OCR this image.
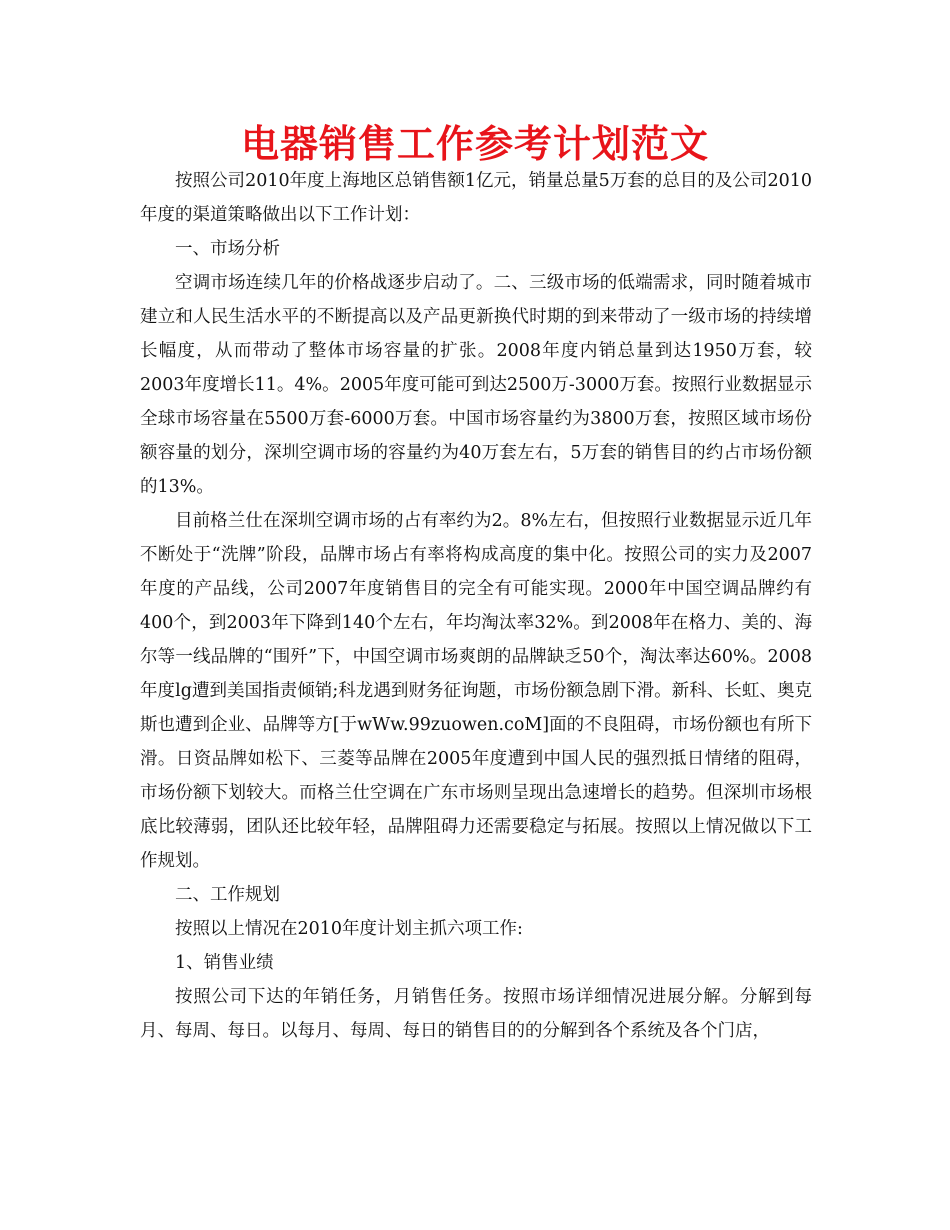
电器销售工作参考计划范文

按照公司2010年度上海地区总销售额1亿元，销量总量5万套的总目的及公司2010年度的渠道策略做出以下工作计划：

一、市场分析

空调市场连续几年的价格战逐步启动了。二、三级市场的低端需求，同时随着城市建立和人民生活水平的不断提高以及产品更新换代时期的到来带动了一级市场的持续增长幅度，从而带动了整体市场容量的扩张。2008年度内销总量到达1950万套，较2003年度增长11。4%。2005年度可能可到达2500万-3000万套。按照行业数据显示全球市场容量在5500万套-6000万套。中国市场容量约为3800万套，按照区域市场份额容量的划分，深圳空调市场的容量约为40万套左右，5万套的销售目的约占市场份额的13%。

目前格兰仕在深圳空调市场的占有率约为2。8%左右，但按照行业数据显示近几年不断处于“洗牌”阶段，品牌市场占有率将构成高度的集中化。按照公司的实力及2007年度的产品线，公司2007年度销售目的完全有可能实现。2000年中国空调品牌约有400个，到2003年下降到140个左右，年均淘汰率32%。到2008年在格力、美的、海尔等一线品牌的“围歼”下，中国空调市场爽朗的品牌缺乏50个，淘汰率达60%。2008年度lg遭到美国指责倾销;科龙遇到财务征询题，市场份额急剧下滑。新科、长虹、奥克斯也遭到企业、品牌等方[于wWw.99zuowen.coM]面的不良阻碍，市场份额也有所下滑。日资品牌如松下、三菱等品牌在2005年度遭到中国人民的强烈抵日情绪的阻碍，市场份额下划较大。而格兰仕空调在广东市场则呈现出急速增长的趋势。但深圳市场根底比较薄弱，团队还比较年轻，品牌阻碍力还需要稳定与拓展。按照以上情况做以下工作规划。

二、工作规划

按照以上情况在2010年度计划主抓六项工作:

1、销售业绩

按照公司下达的年销任务，月销售任务。按照市场详细情况进展分解。分解到每月、每周、每日。以每月、每周、每日的销售目的的分解到各个系统及各个门店，
